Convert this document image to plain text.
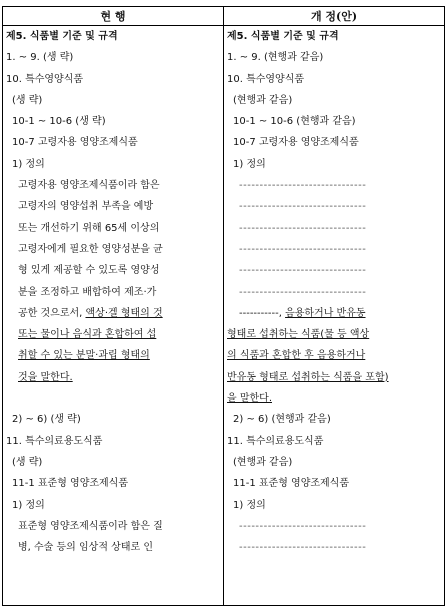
현 행	개 정(안)
제5. 식품별 기준 및 규격
1. ~ 9. (생 략)
10. 특수영양식품
(생 략)
10-1 ~ 10-6 (생 략)
10-7 고령자용 영양조제식품
1) 정의
고령자용 영양조제식품이라 함은
고령자의 영양섭취 부족을 예방
또는 개선하기 위해 65세 이상의
고령자에게 필요한 영양성분을 균
형 있게 제공할 수 있도록 영양성
분을 조정하고 배합하여 제조·가
공한 것으로서, 액상·겔 형태의 것
또는 물이나 음식과 혼합하여 섭
취할 수 있는 분말·과립 형태의
것을 말한다.
2) ~ 6) (생 략)
11. 특수의료용도식품
(생 략)
11-1 표준형 영양조제식품
1) 정의
표준형 영양조제식품이라 함은 질
병, 수술 등의 임상적 상태로 인
제5. 식품별 기준 및 규격
1. ~ 9. (현행과 같음)
10. 특수영양식품
(현행과 같음)
10-1 ~ 10-6 (현행과 같음)
10-7 고령자용 영양조제식품
1) 정의
-------------------------------
-------------------------------
-------------------------------
-------------------------------
-------------------------------
-------------------------------
-----------, 음용하거나 반유동
형태로 섭취하는 식품(물 등 액상
의 식품과 혼합한 후 음용하거나
반유동 형태로 섭취하는 식품을 포함)
을 말한다.
2) ~ 6) (현행과 같음)
11. 특수의료용도식품
(현행과 같음)
11-1 표준형 영양조제식품
1) 정의
-------------------------------
-------------------------------
